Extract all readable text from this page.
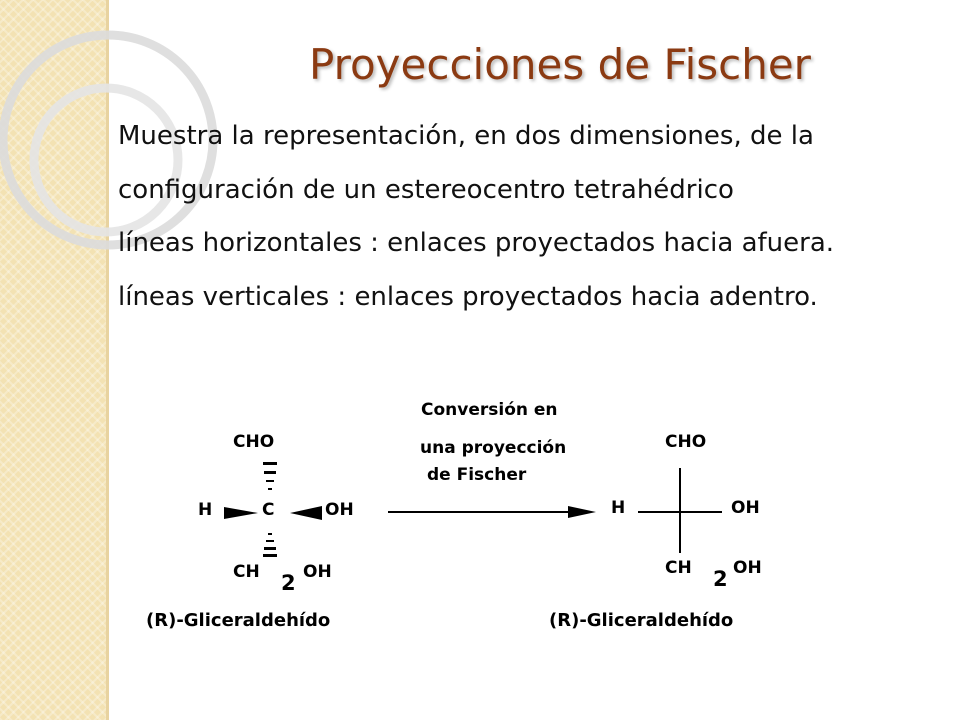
Proyecciones de Fischer
Muestra la representación, en dos dimensiones, de la
configuración de un estereocentro tetrahédrico
líneas horizontales : enlaces proyectados hacia afuera.
líneas verticales : enlaces proyectados hacia adentro.
CHO
H	C	OH
CH 2 OH
(R)-Gliceraldehído
Conversión en
una proyección
de Fischer
CHO
H	OH
CH 2 OH
(R)-Gliceraldehído
